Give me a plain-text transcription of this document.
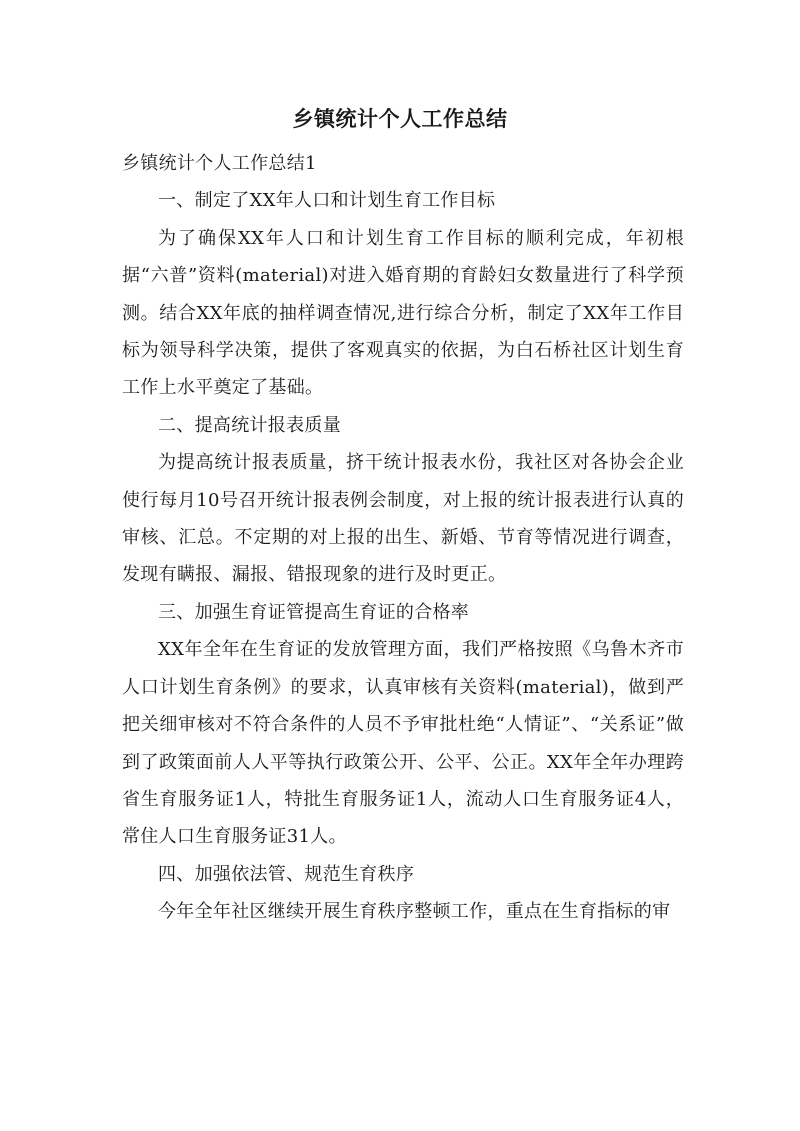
乡镇统计个人工作总结

乡镇统计个人工作总结1

一、制定了XX年人口和计划生育工作目标

为了确保XX年人口和计划生育工作目标的顺利完成，年初根据“六普”资料(material)对进入婚育期的育龄妇女数量进行了科学预测。结合XX年底的抽样调查情况,进行综合分析，制定了XX年工作目标为领导科学决策，提供了客观真实的依据，为白石桥社区计划生育工作上水平奠定了基础。

二、提高统计报表质量

为提高统计报表质量，挤干统计报表水份，我社区对各协会企业使行每月10号召开统计报表例会制度，对上报的统计报表进行认真的审核、汇总。不定期的对上报的出生、新婚、节育等情况进行调查，发现有瞒报、漏报、错报现象的进行及时更正。

三、加强生育证管提高生育证的合格率

XX年全年在生育证的发放管理方面，我们严格按照《乌鲁木齐市人口计划生育条例》的要求，认真审核有关资料(material)，做到严把关细审核对不符合条件的人员不予审批杜绝“人情证”、“关系证”做到了政策面前人人平等执行政策公开、公平、公正。XX年全年办理跨省生育服务证1人，特批生育服务证1人，流动人口生育服务证4人，常住人口生育服务证31人。

四、加强依法管、规范生育秩序

今年全年社区继续开展生育秩序整顿工作，重点在生育指标的审
